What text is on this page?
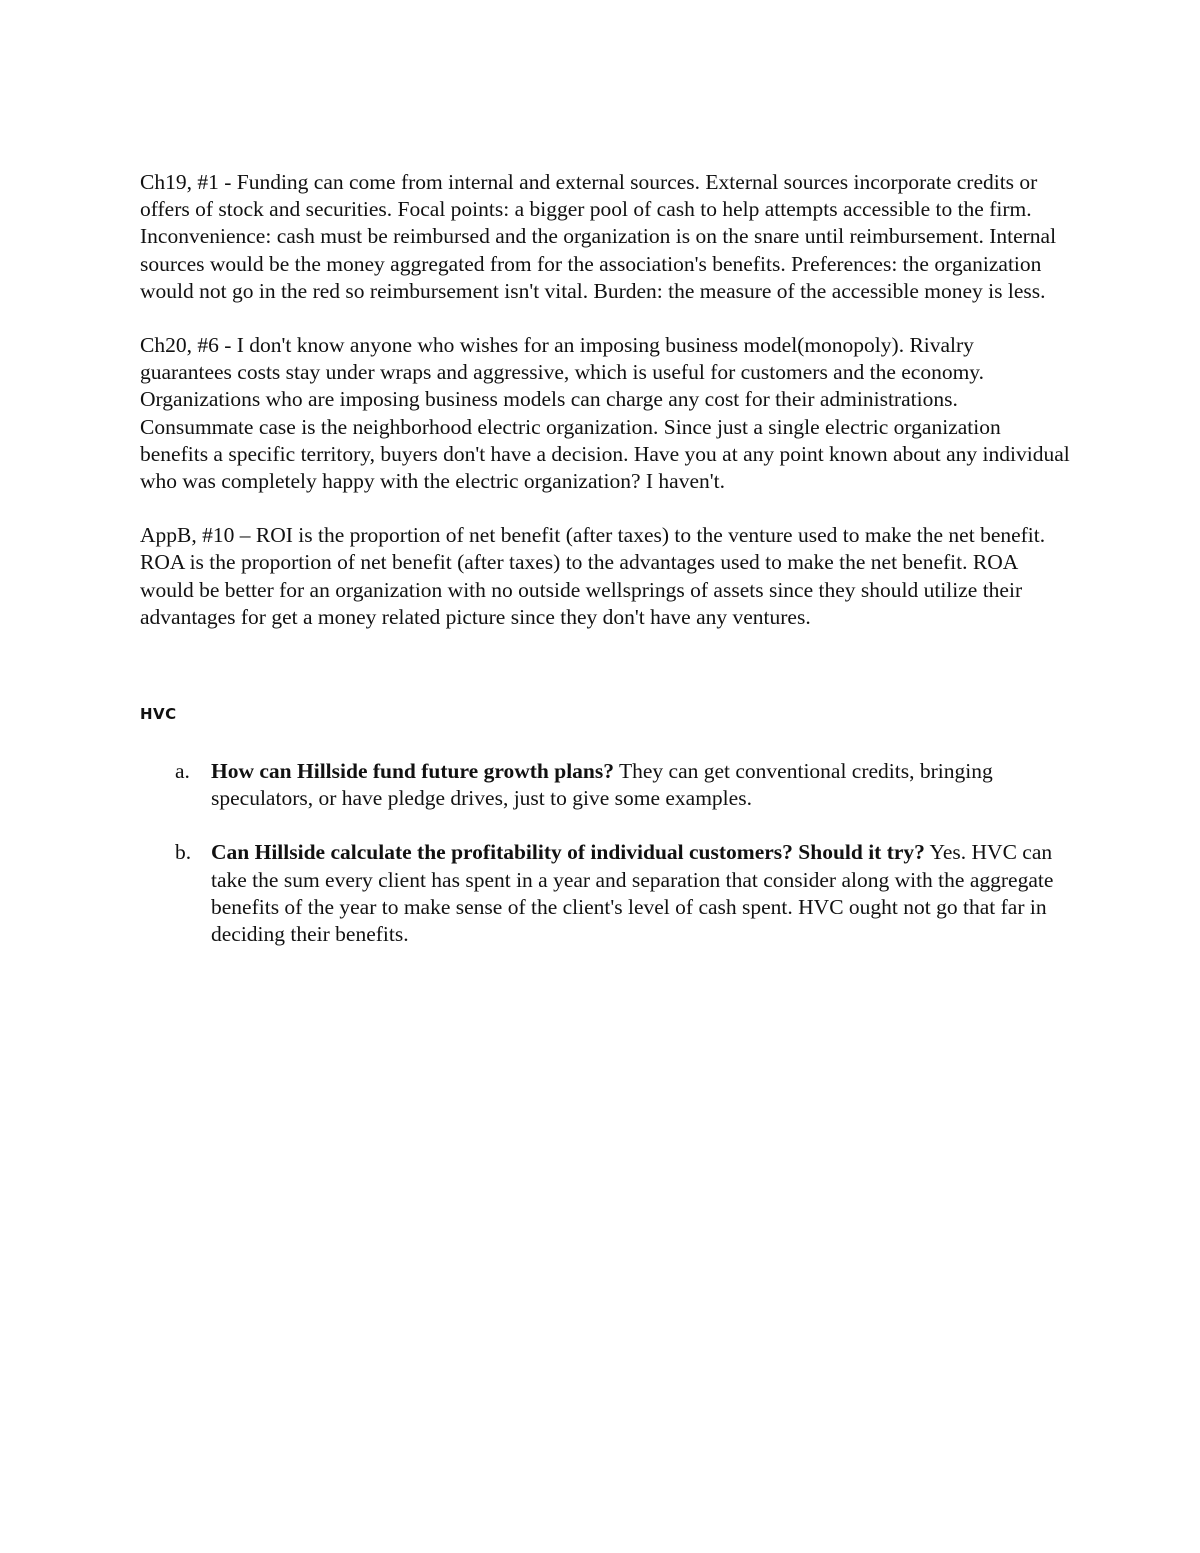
Ch19, #1 - Funding can come from internal and external sources. External sources incorporate credits or offers of stock and securities. Focal points: a bigger pool of cash to help attempts accessible to the firm. Inconvenience: cash must be reimbursed and the organization is on the snare until reimbursement. Internal sources would be the money aggregated from for the association's benefits. Preferences: the organization would not go in the red so reimbursement isn't vital. Burden: the measure of the accessible money is less.

Ch20, #6 - I don't know anyone who wishes for an imposing business model(monopoly). Rivalry guarantees costs stay under wraps and aggressive, which is useful for customers and the economy. Organizations who are imposing business models can charge any cost for their administrations. Consummate case is the neighborhood electric organization. Since just a single electric organization benefits a specific territory, buyers don't have a decision. Have you at any point known about any individual who was completely happy with the electric organization? I haven't.

AppB, #10 – ROI is the proportion of net benefit (after taxes) to the venture used to make the net benefit. ROA is the proportion of net benefit (after taxes) to the advantages used to make the net benefit. ROA would be better for an organization with no outside wellsprings of assets since they should utilize their advantages for get a money related picture since they don't have any ventures.

HVC
a. How can Hillside fund future growth plans? They can get conventional credits, bringing speculators, or have pledge drives, just to give some examples.
b. Can Hillside calculate the profitability of individual customers? Should it try? Yes. HVC can take the sum every client has spent in a year and separation that consider along with the aggregate benefits of the year to make sense of the client's level of cash spent. HVC ought not go that far in deciding their benefits.
